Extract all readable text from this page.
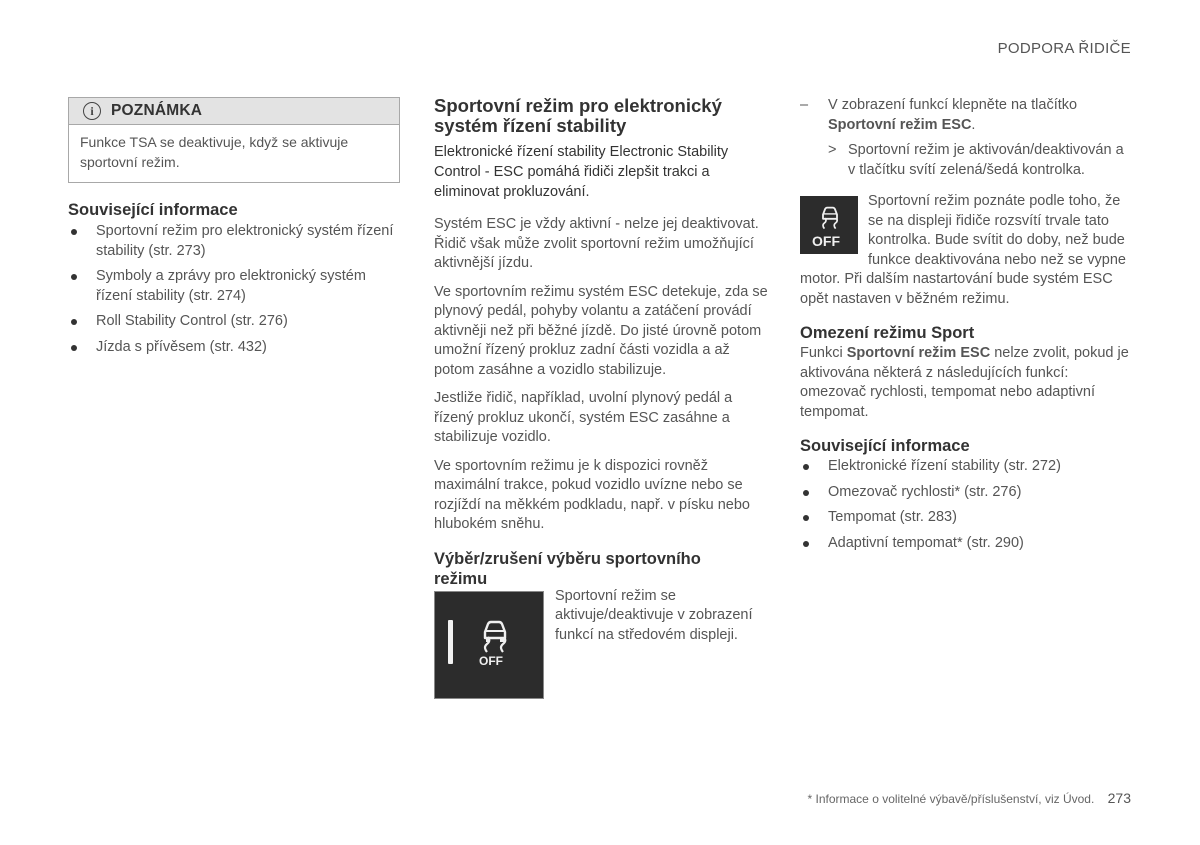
PODPORA ŘIDIČE
i	POZNÁMKA
Funkce TSA se deaktivuje, když se aktivuje sportovní režim.
Související informace
Sportovní režim pro elektronický systém řízení stability (str. 273)
Symboly a zprávy pro elektronický systém řízení stability (str. 274)
Roll Stability Control (str. 276)
Jízda s přívěsem (str. 432)
Sportovní režim pro elektronický systém řízení stability

Elektronické řízení stability Electronic Stability Control - ESC pomáhá řidiči zlepšit trakci a eliminovat prokluzování.

Systém ESC je vždy aktivní - nelze jej deaktivovat. Řidič však může zvolit sportovní režim umožňující aktivnější jízdu.

Ve sportovním režimu systém ESC detekuje, zda se plynový pedál, pohyby volantu a zatáčení provádí aktivněji než při běžné jízdě. Do jisté úrovně potom umožní řízený prokluz zadní části vozidla a až potom zasáhne a vozidlo stabilizuje.

Jestliže řidič, například, uvolní plynový pedál a řízený prokluz ukončí, systém ESC zasáhne a stabilizuje vozidlo.

Ve sportovním režimu je k dispozici rovněž maximální trakce, pokud vozidlo uvízne nebo se rozjíždí na měkkém podkladu, např. v písku nebo hlubokém sněhu.

Výběr/zrušení výběru sportovního režimu
OFF
Sportovní režim se aktivuje/deaktivuje v zobrazení funkcí na středovém displeji.
–	V zobrazení funkcí klepněte na tlačítko
Sportovní režim ESC.
> Sportovní režim je aktivován/deaktivován a v tlačítku svítí zelená/šedá kontrolka.
OFF
Sportovní režim poznáte podle toho, že se na displeji řidiče rozsvítí trvale tato kontrolka. Bude svítit do doby, než bude funkce deaktivována nebo než se vypne motor. Při dalším nastartování bude systém ESC opět nastaven v běžném režimu.
Omezení režimu Sport
Funkci Sportovní režim ESC nelze zvolit, pokud je aktivována některá z následujících funkcí: omezovač rychlosti, tempomat nebo adaptivní tempomat.
Související informace
Elektronické řízení stability (str. 272)
Omezovač rychlosti* (str. 276)
Tempomat (str. 283)
Adaptivní tempomat* (str. 290)
* Informace o volitelné výbavě/příslušenství, viz Úvod. 273
